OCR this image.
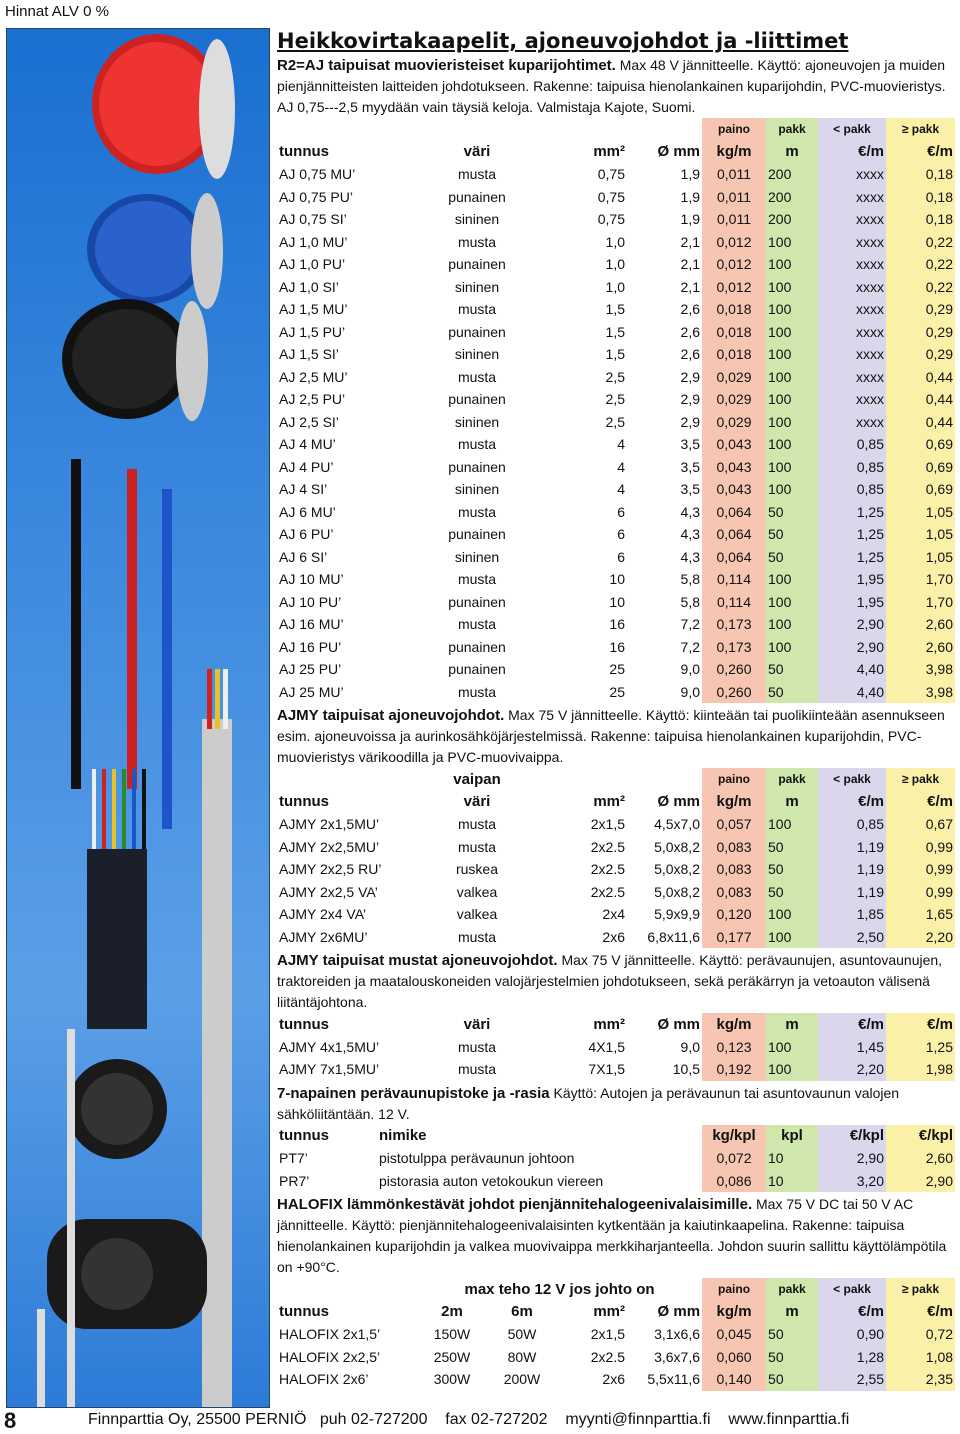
Hinnat ALV 0 %
Heikkovirtakaapelit, ajoneuvojohdot ja -liittimet
R2=AJ taipuisat muovieristeiset kuparijohtimet. Max 48 V jännitteelle. Käyttö: ajoneuvojen ja muiden pienjännitteisten laitteiden johdotukseen. Rakenne: taipuisa hienolankainen kuparijohdin, PVC-muovieristys. AJ 0,75---2,5 myydään vain täysiä keloja. Valmistaja Kajote, Suomi.
				paino	pakk	< pakk	≥ pakk
tunnus	väri	mm²	Ø mm	kg/m	m	€/m	€/m
AJ 0,75 MU’	musta	0,75	1,9	0,011	200	xxxx	0,18
AJ 0,75 PU’	punainen	0,75	1,9	0,011	200	xxxx	0,18
AJ 0,75 SI’	sininen	0,75	1,9	0,011	200	xxxx	0,18
AJ 1,0 MU’	musta	1,0	2,1	0,012	100	xxxx	0,22
AJ 1,0 PU’	punainen	1,0	2,1	0,012	100	xxxx	0,22
AJ 1,0 SI’	sininen	1,0	2,1	0,012	100	xxxx	0,22
AJ 1,5 MU’	musta	1,5	2,6	0,018	100	xxxx	0,29
AJ 1,5 PU’	punainen	1,5	2,6	0,018	100	xxxx	0,29
AJ 1,5 SI’	sininen	1,5	2,6	0,018	100	xxxx	0,29
AJ 2,5 MU’	musta	2,5	2,9	0,029	100	xxxx	0,44
AJ 2,5 PU’	punainen	2,5	2,9	0,029	100	xxxx	0,44
AJ 2,5 SI’	sininen	2,5	2,9	0,029	100	xxxx	0,44
AJ 4 MU’	musta	4	3,5	0,043	100	0,85	0,69
AJ 4 PU’	punainen	4	3,5	0,043	100	0,85	0,69
AJ 4 SI’	sininen	4	3,5	0,043	100	0,85	0,69
AJ 6 MU’	musta	6	4,3	0,064	50	1,25	1,05
AJ 6 PU’	punainen	6	4,3	0,064	50	1,25	1,05
AJ 6 SI’	sininen	6	4,3	0,064	50	1,25	1,05
AJ 10 MU’	musta	10	5,8	0,114	100	1,95	1,70
AJ 10 PU’	punainen	10	5,8	0,114	100	1,95	1,70
AJ 16 MU’	musta	16	7,2	0,173	100	2,90	2,60
AJ 16 PU’	punainen	16	7,2	0,173	100	2,90	2,60
AJ 25 PU’	punainen	25	9,0	0,260	50	4,40	3,98
AJ 25 MU’	musta	25	9,0	0,260	50	4,40	3,98
AJMY taipuisat ajoneuvojohdot. Max 75 V jännitteelle. Käyttö: kiinteään tai puolikiinteään asennukseen esim. ajoneuvoissa ja aurinkosähköjärjestelmissä. Rakenne: taipuisa hienolankainen kuparijohdin, PVC-muovieristys värikoodilla ja PVC-muovivaippa.
	vaipan			paino	pakk	< pakk	≥ pakk
tunnus	väri	mm²	Ø mm	kg/m	m	€/m	€/m
AJMY 2x1,5MU’	musta	2x1,5	4,5x7,0	0,057	100	0,85	0,67
AJMY 2x2,5MU’	musta	2x2.5	5,0x8,2	0,083	50	1,19	0,99
AJMY 2x2,5 RU’	ruskea	2x2.5	5,0x8,2	0,083	50	1,19	0,99
AJMY 2x2,5 VA’	valkea	2x2.5	5,0x8,2	0,083	50	1,19	0,99
AJMY 2x4 VA’	valkea	2x4	5,9x9,9	0,120	100	1,85	1,65
AJMY 2x6MU’	musta	2x6	6,8x11,6	0,177	100	2,50	2,20
AJMY taipuisat mustat ajoneuvojohdot. Max 75 V jännitteelle. Käyttö: perävaunujen, asuntovaunujen, traktoreiden ja maatalouskoneiden valojärjestelmien johdotukseen, sekä peräkärryn ja vetoauton välisenä liitäntäjohtona.
tunnus	väri	mm²	Ø mm	kg/m	m	€/m	€/m
AJMY 4x1,5MU’	musta	4X1,5	9,0	0,123	100	1,45	1,25
AJMY 7x1,5MU’	musta	7X1,5	10,5	0,192	100	2,20	1,98
7-napainen perävaunupistoke ja -rasia Käyttö: Autojen ja perävaunun tai asuntovaunun valojen sähköliitäntään. 12 V.
tunnus	nimike	kg/kpl	kpl	€/kpl	€/kpl
PT7’	pistotulppa perävaunun johtoon	0,072	10	2,90	2,60
PR7’	pistorasia auton vetokoukun viereen	0,086	10	3,20	2,90
HALOFIX lämmönkestävät johdot pienjännitehalogeenivalaisimille. Max 75 V DC tai 50 V AC jännitteelle. Käyttö: pienjännitehalogeenivalaisinten kytkentään ja kaiutinkaapelina. Rakenne: taipuisa hienolankainen kuparijohdin ja valkea muovivaippa merkkiharjanteella. Johdon suurin sallittu käyttölämpötila on +90°C.
	max teho 12 V jos johto on				paino	pakk	< pakk	≥ pakk
tunnus	2m	6m	mm²	Ø mm	kg/m	m	€/m	€/m
HALOFIX 2x1,5’	150W	50W	2x1,5	3,1x6,6	0,045	50	0,90	0,72
HALOFIX 2x2,5’	250W	80W	2x2.5	3,6x7,6	0,060	50	1,28	1,08
HALOFIX 2x6’	300W	200W	2x6	5,5x11,6	0,140	50	2,55	2,35
8	Finnparttia Oy, 25500 PERNIÖ puh 02-727200 fax 02-727202 myynti@finnparttia.fi www.finnparttia.fi
